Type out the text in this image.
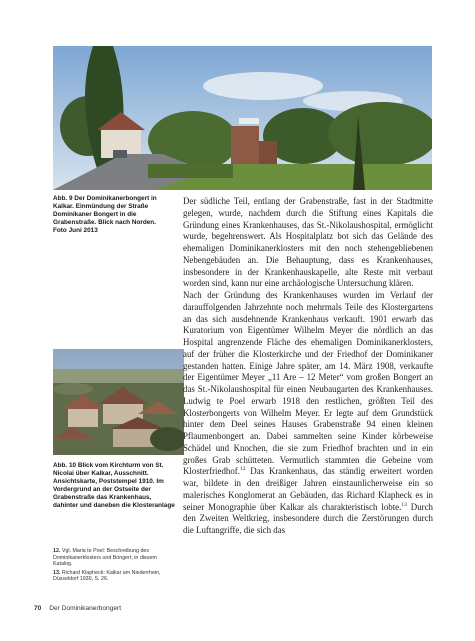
Abb. 9 Der Dominikanerbongert in Kalkar. Einmündung der Straße Dominikaner Bongert in die Grabenstraße. Blick nach Norden. Foto Juni 2013
Abb. 10 Blick vom Kirchturm von St. Nicolai über Kalkar, Ausschnitt. Ansichtskarte, Poststempel 1910. Im Vordergrund an der Ostseite der Grabenstraße das Krankenhaus, dahinter und daneben die Klosteranlage

Der südliche Teil, entlang der Grabenstraße, fast in der Stadtmitte gelegen, wurde, nachdem durch die Stiftung eines Kapitals die Gründung eines Krankenhauses, das St.-Nikolaushospital, ermöglicht wurde, begehrenswert. Als Hospitalplatz bot sich das Gelände des ehemaligen Dominikanerklosters mit den noch stehengebliebenen Nebengebäuden an. Die Behauptung, dass es Krankenhauses, insbesondere in der Krankenhauskapelle, alte Reste mit verbaut worden sind, kann nur eine archäologische Untersuchung klären.

Nach der Gründung des Krankenhauses wurden im Verlauf der darauffolgenden Jahrzehnte noch mehrmals Teile des Klostergartens an das sich ausdehnende Krankenhaus verkauft. 1901 erwarb das Kuratorium von Eigentümer Wilhelm Meyer die nördlich an das Hospital angrenzende Fläche des ehemaligen Dominikanerklosters, auf der früher die Klosterkirche und der Friedhof der Dominikaner gestanden hatten. Einige Jahre später, am 14. März 1908, verkaufte der Eigentümer Meyer „11 Are – 12 Meter“ vom großen Bongert an das St.-Nikolaushospital für einen Neubaugarten des Krankenhauses. Ludwig te Poel erwarb 1918 den restlichen, größten Teil des Klosterbongerts von Wilhelm Meyer. Er legte auf dem Grundstück hinter dem Deel seines Hauses Grabenstraße 94 einen kleinen Pflaumenbongert an. Dabei sammelten seine Kinder körbeweise Schädel und Knochen, die sie zum Friedhof brachten und in ein großes Grab schütteten. Vermutlich stammten die Gebeine vom Klosterfriedhof.$^{12}$ Das Krankenhaus, das ständig erweitert worden war, bildete in den dreißiger Jahren einstaunlicherweise ein so malerisches Konglomerat an Gebäuden, das Richard Klapheck es in seiner Monographie über Kalkar als charakteristisch lobte.$^{13}$ Durch den Zweiten Weltkrieg, insbesondere durch die Zerstörungen durch die Luftangriffe, die sich das

12. Vgl. Maria te Poel: Beschreibung des Dominikanerklosters und Bongert, in diesem Katalog.
13. Richard Klapheck: Kalkar am Niederrhein, Düsseldorf 1930, S. 26.
70 Der Dominikanerbongert
